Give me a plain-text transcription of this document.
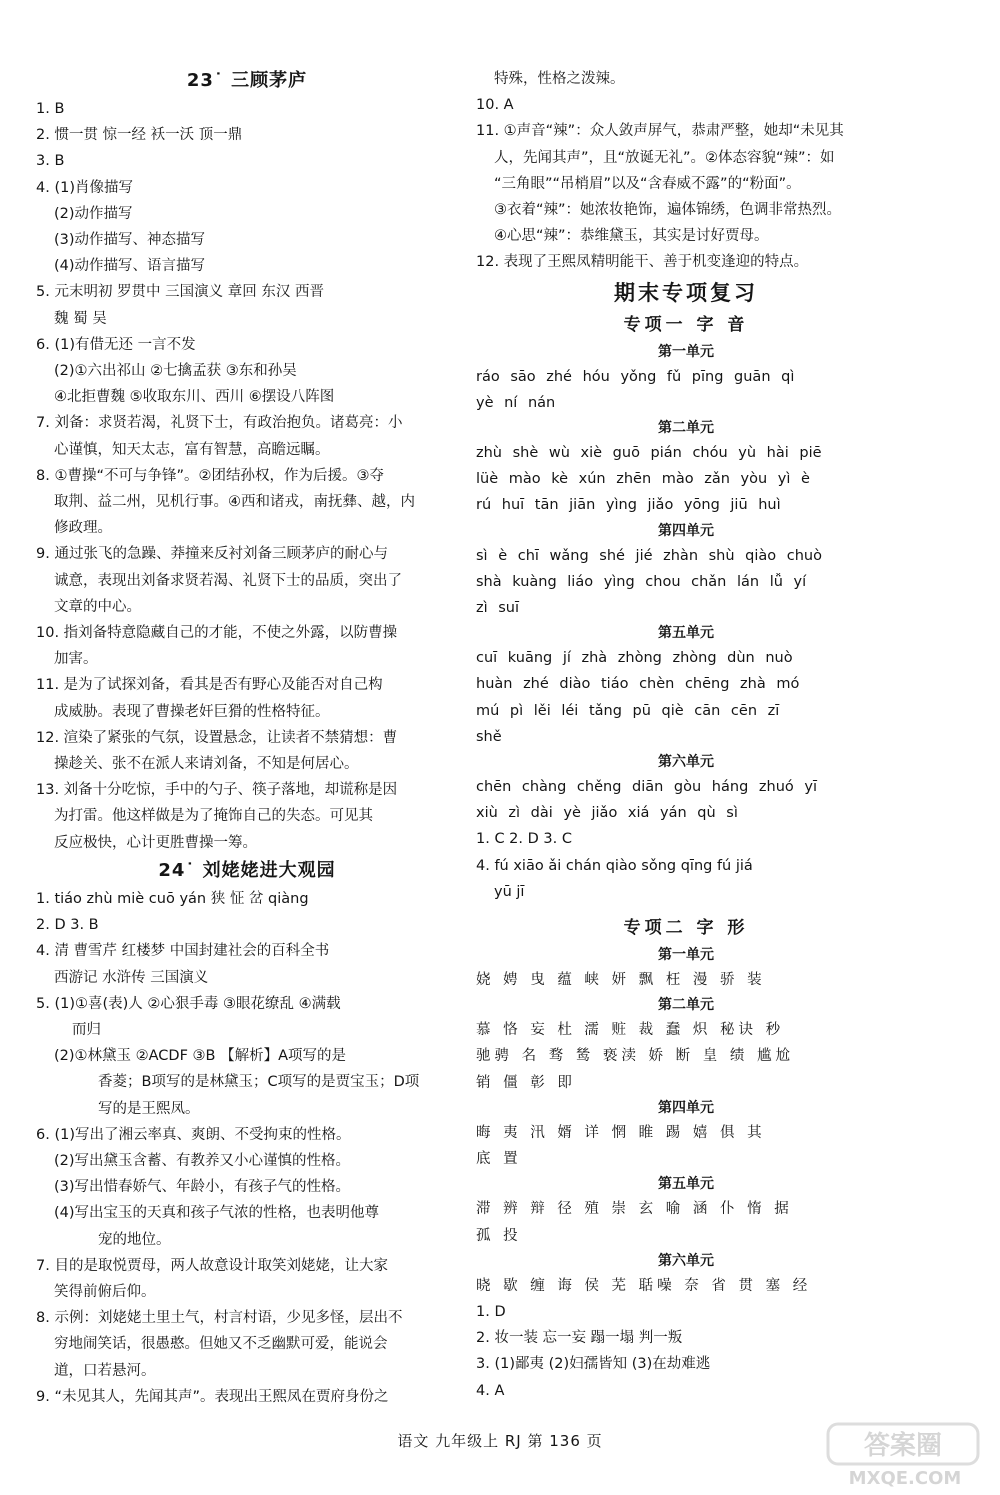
23˙ 三顾茅庐
1. B
2. 惯一贯 惊一经 袄一沃 顶一鼎
3. B
4. (1)肖像描写
(2)动作描写
(3)动作描写、神态描写
(4)动作描写、语言描写
5. 元末明初 罗贯中 三国演义 章回 东汉 西晋
魏 蜀 吴
6. (1)有借无还 一言不发
(2)①六出祁山 ②七擒孟获 ③东和孙吴
④北拒曹魏 ⑤收取东川、西川 ⑥摆设八阵图
7. 刘备：求贤若渴，礼贤下士，有政治抱负。诸葛亮：小
心谨慎，知天太志，富有智慧，高瞻远瞩。
8. ①曹操“不可与争锋”。②团结孙权，作为后援。③夺
取荆、益二州，见机行事。④西和诸戎，南抚彝、越，内
修政理。
9. 通过张飞的急躁、莽撞来反衬刘备三顾茅庐的耐心与
诚意，表现出刘备求贤若渴、礼贤下士的品质，突出了
文章的中心。
10. 指刘备特意隐藏自己的才能，不使之外露，以防曹操
加害。
11. 是为了试探刘备，看其是否有野心及能否对自己构
成威胁。表现了曹操老奸巨猾的性格特征。
12. 渲染了紧张的气氛，设置悬念，让读者不禁猜想：曹
操趁关、张不在派人来请刘备，不知是何居心。
13. 刘备十分吃惊，手中的勺子、筷子落地，却谎称是因
为打雷。他这样做是为了掩饰自己的失态。可见其
反应极快，心计更胜曹操一筹。
24˙ 刘姥姥进大观园
1. tiáo zhù miè cuō yán 狭 怔 岔 qiàng
2. D 3. B
4. 清 曹雪芹 红楼梦 中国封建社会的百科全书
西游记 水浒传 三国演义
5. (1)①喜(表)人 ②心狠手毒 ③眼花缭乱 ④满载
而归
(2)①林黛玉 ②ACDF ③B 【解析】A项写的是
香菱；B项写的是林黛玉；C项写的是贾宝玉；D项
写的是王熙凤。
6. (1)写出了湘云率真、爽朗、不受拘束的性格。
(2)写出黛玉含蓄、有教养又小心谨慎的性格。
(3)写出惜春娇气、年龄小，有孩子气的性格。
(4)写出宝玉的天真和孩子气浓的性格，也表明他尊
宠的地位。
7. 目的是取悦贾母，两人故意设计取笑刘姥姥，让大家
笑得前俯后仰。
8. 示例：刘姥姥土里土气，村言村语，少见多怪，层出不
穷地闹笑话，很愚憨。但她又不乏幽默可爱，能说会
道，口若悬河。
9. “未见其人，先闻其声”。表现出王熙凤在贾府身份之
特殊，性格之泼辣。
10. A
11. ①声音“辣”：众人敛声屏气，恭肃严整，她却“未见其
人，先闻其声”，且“放诞无礼”。②体态容貌“辣”：如
“三角眼”“吊梢眉”以及“含春威不露”的“粉面”。
③衣着“辣”：她浓妆艳饰，遍体锦绣，色调非常热烈。
④心思“辣”：恭维黛玉，其实是讨好贾母。
12. 表现了王熙凤精明能干、善于机变逢迎的特点。
期末专项复习
专项一 字 音
第一单元
ráo sāo zhé hóu yǒng fǔ pīng guān qì
yè ní nán
第二单元
zhù shè wù xiè guō pián chóu yù hài piē
lüè mào kè xún zhēn mào zǎn yòu yì è
rú huī tān jiān yìng jiǎo yōng jiū huì
第四单元
sì è chī wǎng shé jié zhàn shù qiào chuò
shà kuàng liáo yìng chou chǎn lán lǚ yí
zì suī
第五单元
cuī kuāng jí zhà zhòng zhòng dùn nuò
huàn zhé diào tiáo chèn chēng zhà mó
mú pì lěi léi tǎng pū qiè cān cēn zī
shě
第六单元
chēn chàng chěng diān gòu háng zhuó yī
xiù zì dài yè jiǎo xiá yán qù sì
1. C 2. D 3. C
4. fú xiāo ǎi chán qiào sǒng qīng fú jiá
yū jī
专项二 字 形
第一单元
娆 娉 曳 蕴 峡 妍 飘 枉 漫 骄 装
第二单元
慕 恪 妄 杜 濡 赃 裁 蠢 炽 秘诀 秒
驰骋 名 骛 鸶 亵渎 娇 断 皇 绩 尴尬
销 僵 彰 即
第四单元
晦 夷 汛 婿 详 惘 睢 踢 嬉 俱 其
底 置
第五单元
滞 辨 辩 径 殖 崇 玄 喻 涵 仆 惰 据
孤 投
第六单元
晓 歇 缠 诲 侯 芜 聒噪 奈 省 贯 塞 经
1. D
2. 妆一装 忘一妄 蹋一塌 判一叛
3. (1)鄙夷 (2)妇孺皆知 (3)在劫难逃
4. A
语文 九年级上 RJ 第 136 页	答案圈
MXQE.COM
